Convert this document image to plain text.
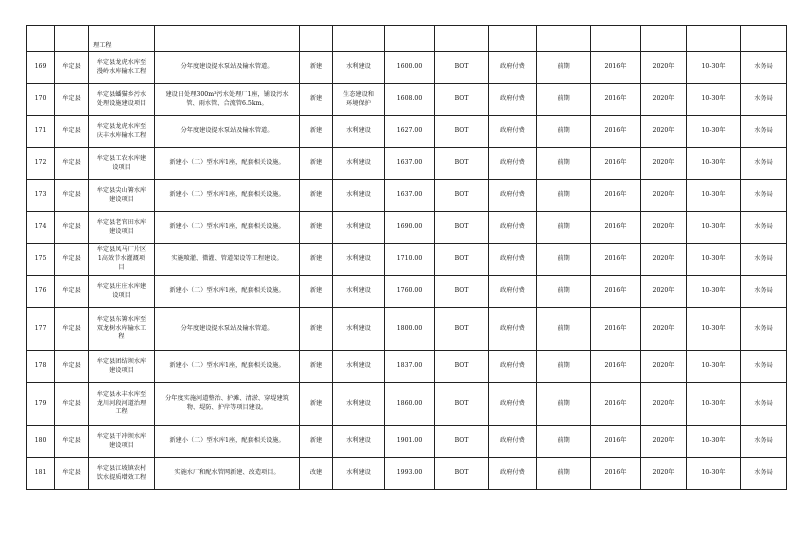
		理工程											
169	牟定县	牟定县龙虎水库至漫岭水库输水工程	分年度建设提水泵站及输水管道。	新建	水利建设	1600.00	BOT	政府付费	前期	2016年	2020年	10-30年	水务局
170	牟定县	牟定县蟠猫乡污水处理设施建设项目	建设日处理300m³污水处理厂1座，铺设污水管、雨水管、合流管6.5km。	新建	生态建设和环境保护	1608.00	BOT	政府付费	前期	2016年	2020年	10-30年	水务局
171	牟定县	牟定县龙虎水库至庆丰水库输水工程	分年度建设提水泵站及输水管道。	新建	水利建设	1627.00	BOT	政府付费	前期	2016年	2020年	10-30年	水务局
172	牟定县	牟定县工农水库建设项目	新建小（二）型水库1座，配套相关设施。	新建	水利建设	1637.00	BOT	政府付费	前期	2016年	2020年	10-30年	水务局
173	牟定县	牟定县尖山箐水库建设项目	新建小（二）型水库1座，配套相关设施。	新建	水利建设	1637.00	BOT	政府付费	前期	2016年	2020年	10-30年	水务局
174	牟定县	牟定县老官田水库建设项目	新建小（二）型水库1座，配套相关设施。	新建	水利建设	1690.00	BOT	政府付费	前期	2016年	2020年	10-30年	水务局
175	牟定县	牟定县凤马厂片区1高效节水灌溉项目	实施喷灌、微灌、管道架设等工程建设。	新建	水利建设	1710.00	BOT	政府付费	前期	2016年	2020年	10-30年	水务局
176	牟定县	牟定县庄庄水库建设项目	新建小（二）型水库1座，配套相关设施。	新建	水利建设	1760.00	BOT	政府付费	前期	2016年	2020年	10-30年	水务局
177	牟定县	牟定县东箐水库至双龙树水库输水工程	分年度建设提水泵站及输水管道。	新建	水利建设	1800.00	BOT	政府付费	前期	2016年	2020年	10-30年	水务局
178	牟定县	牟定县团结坝水库建设项目	新建小（二）型水库1座，配套相关设施。	新建	水利建设	1837.00	BOT	政府付费	前期	2016年	2020年	10-30年	水务局
179	牟定县	牟定县永丰水库至龙川河段河道治理工程	分年度实施河道整治、护滩、清淤、穿堤建筑物、堤防、护岸等项目建设。	新建	水利建设	1860.00	BOT	政府付费	前期	2016年	2020年	10-30年	水务局
180	牟定县	牟定县干冲坝水库建设项目	新建小（二）型水库1座，配套相关设施。	新建	水利建设	1901.00	BOT	政府付费	前期	2016年	2020年	10-30年	水务局
181	牟定县	牟定县江坡镇农村饮水提质增效工程	实施水厂和配水管网新建、改造项目。	改建	水利建设	1993.00	BOT	政府付费	前期	2016年	2020年	10-30年	水务局
